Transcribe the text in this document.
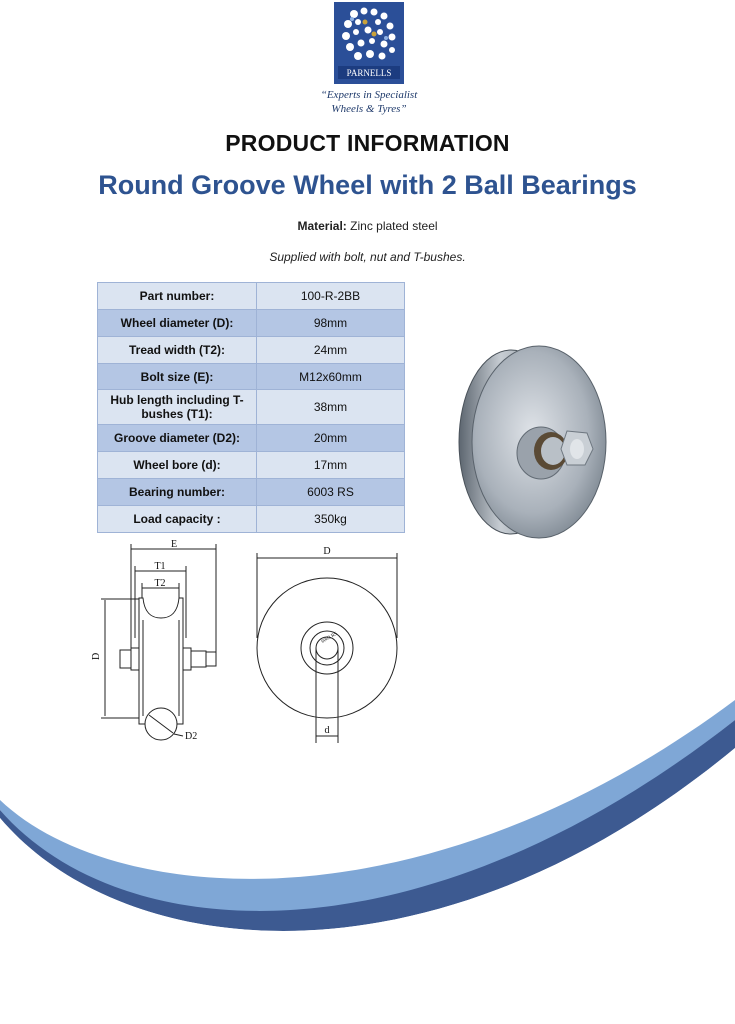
PARNELLS
“Experts in Specialist
Wheels & Tyres”
PRODUCT INFORMATION
Round Groove Wheel with 2 Ball Bearings
Material: Zinc plated steel
Supplied with bolt, nut and T-bushes.
Part number:	100-R-2BB
Wheel diameter (D):	98mm
Tread width (T2):	24mm
Bolt size (E):	M12x60mm
Hub length including T-bushes (T1):	38mm
Groove diameter (D2):	20mm
Wheel bore (d):	17mm
Bearing number:	6003 RS
Load capacity :	350kg
E
T1
T2
D
D2
D
d
6003 RS
